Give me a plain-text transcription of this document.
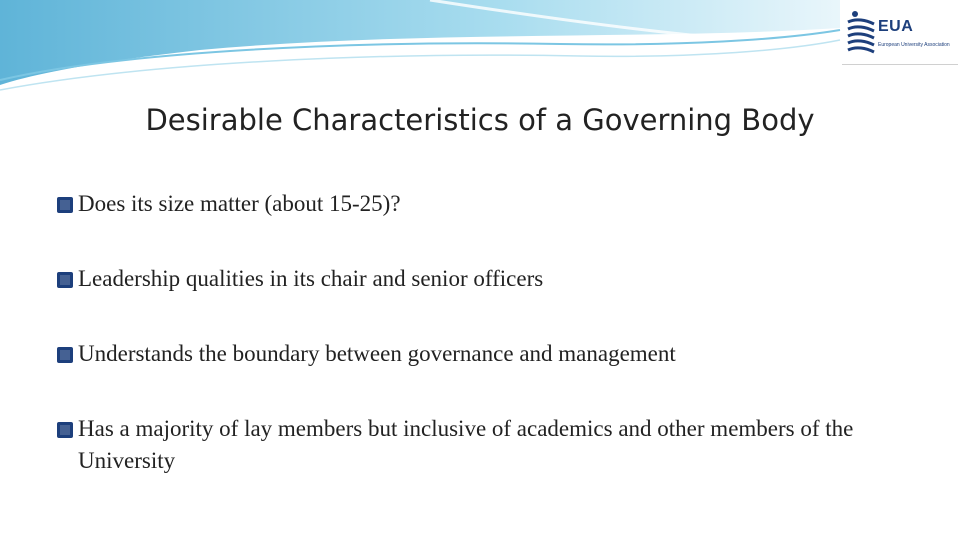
EUA
European University Association
Desirable Characteristics of a Governing Body
Does its size matter (about 15-25)?
Leadership qualities in its chair and senior officers
Understands the boundary between governance and management
Has a majority of lay members but inclusive of academics and other members of the University
